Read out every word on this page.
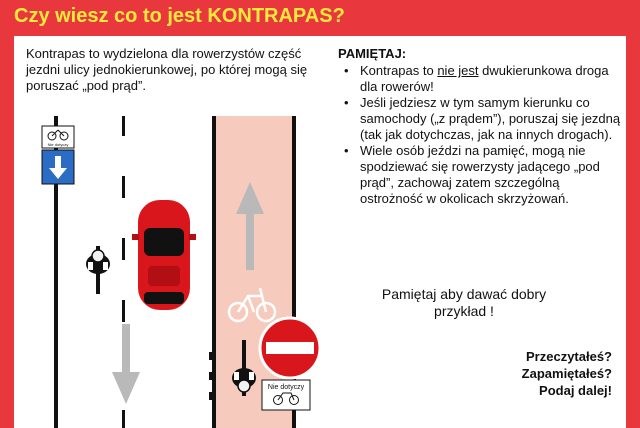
Czy wiesz co to jest KONTRAPAS?
Kontrapas to wydzielona dla rowerzystów część jezdni ulicy jednokierunkowej, po której mogą się poruszać „pod prąd”.
PAMIĘTAJ:
• Kontrapas to nie jest dwukierunkowa droga dla rowerów!
• Jeśli jedziesz w tym samym kierunku co samochody („z prądem”), poruszaj się jezdną (tak jak dotychczas, jak na innych drogach).
• Wiele osób jeździ na pamięć, mogą nie spodziewać się rowerzysty jadącego „pod prąd”, zachowaj zatem szczególną ostrożność w okolicach skrzyżowań.
Pamiętaj aby dawać dobry przykład !
Przeczytałeś?
Zapamiętałeś?
Podaj dalej!
Nie dotyczy
Nie dotyczy
